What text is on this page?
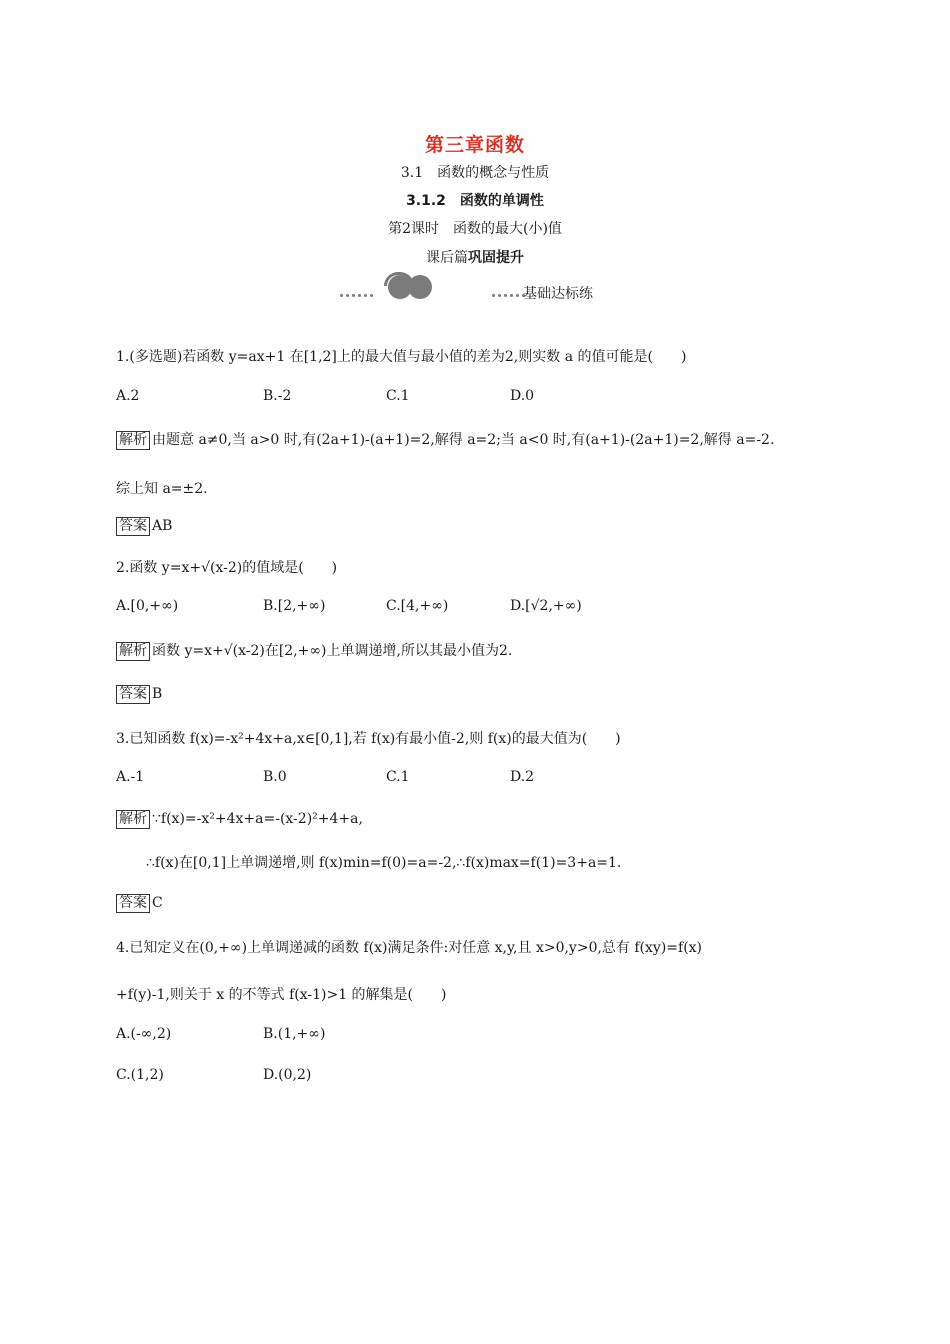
第三章函数
3.1　函数的概念与性质
3.1.2　函数的单调性
第2课时　函数的最大(小)值
课后篇巩固提升
基础达标练
1.(多选题)若函数 y=ax+1 在[1,2]上的最大值与最小值的差为2,则实数 a 的值可能是(　　)
A.2	B.-2	C.1	D.0
解析 由题意 a≠0,当 a>0 时,有(2a+1)-(a+1)=2,解得 a=2;当 a<0 时,有(a+1)-(2a+1)=2,解得 a=-2.
综上知 a=±2.
答案 AB
2.函数 y=x+√(x-2)的值域是(　　)
A.[0,+∞)	B.[2,+∞)	C.[4,+∞)	D.[√2,+∞)
解析 函数 y=x+√(x-2)在[2,+∞)上单调递增,所以其最小值为2.
答案 B
3.已知函数 f(x)=-x²+4x+a,x∈[0,1],若 f(x)有最小值-2,则 f(x)的最大值为(　　)
A.-1	B.0	C.1	D.2
解析 ∵f(x)=-x²+4x+a=-(x-2)²+4+a,
∴f(x)在[0,1]上单调递增,则 f(x)min=f(0)=a=-2,∴f(x)max=f(1)=3+a=1.
答案 C
4.已知定义在(0,+∞)上单调递减的函数 f(x)满足条件:对任意 x,y,且 x>0,y>0,总有 f(xy)=f(x)
+f(y)-1,则关于 x 的不等式 f(x-1)>1 的解集是(　　)
A.(-∞,2)	B.(1,+∞)
C.(1,2)	D.(0,2)
